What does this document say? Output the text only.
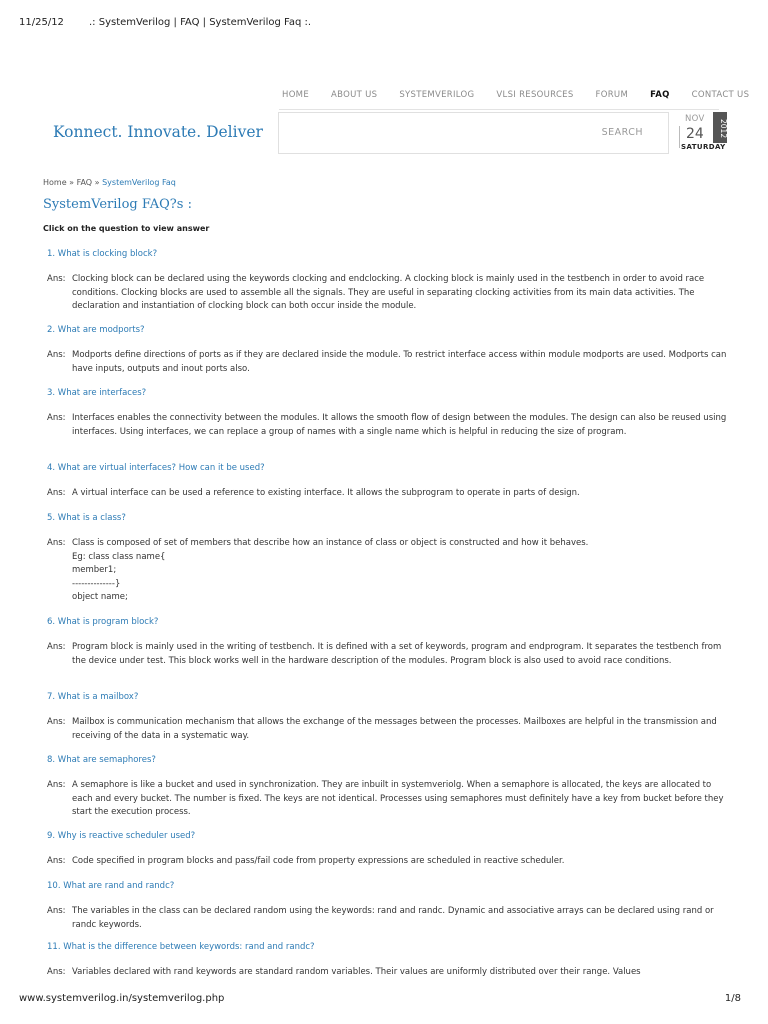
11/25/12	.: SystemVerilog | FAQ | SystemVerilog Faq :.
HOME	ABOUT US	SYSTEMVERILOG	VLSI RESOURCES	FORUM	FAQ	CONTACT US
Konnect. Innovate. Deliver	SEARCH
NOV
24	2012
SATURDAY
Home » FAQ » SystemVerilog Faq
SystemVerilog FAQ?s :
Click on the question to view answer
1. What is clocking block?
Ans: Clocking block can be declared using the keywords clocking and endclocking. A clocking block is mainly used in the testbench in order to avoid race conditions. Clocking blocks are used to assemble all the signals. They are useful in separating clocking activities from its main data activities. The declaration and instantiation of clocking block can both occur inside the module.
2. What are modports?
Ans: Modports define directions of ports as if they are declared inside the module. To restrict interface access within module modports are used. Modports can have inputs, outputs and inout ports also.
3. What are interfaces?
Ans: Interfaces enables the connectivity between the modules. It allows the smooth flow of design between the modules. The design can also be reused using interfaces. Using interfaces, we can replace a group of names with a single name which is helpful in reducing the size of program.
4. What are virtual interfaces? How can it be used?
Ans: A virtual interface can be used a reference to existing interface. It allows the subprogram to operate in parts of design.
5. What is a class?
Ans: Class is composed of set of members that describe how an instance of class or object is constructed and how it behaves.
Eg: class class name{
member1;
--------------}
object name;
6. What is program block?
Ans: Program block is mainly used in the writing of testbench. It is defined with a set of keywords, program and endprogram. It separates the testbench from the device under test. This block works well in the hardware description of the modules. Program block is also used to avoid race conditions.
7. What is a mailbox?
Ans: Mailbox is communication mechanism that allows the exchange of the messages between the processes. Mailboxes are helpful in the transmission and receiving of the data in a systematic way.
8. What are semaphores?
Ans: A semaphore is like a bucket and used in synchronization. They are inbuilt in systemveriolg. When a semaphore is allocated, the keys are allocated to each and every bucket. The number is fixed. The keys are not identical. Processes using semaphores must definitely have a key from bucket before they start the execution process.
9. Why is reactive scheduler used?
Ans: Code specified in program blocks and pass/fail code from property expressions are scheduled in reactive scheduler.
10. What are rand and randc?
Ans: The variables in the class can be declared random using the keywords: rand and randc. Dynamic and associative arrays can be declared using rand or randc keywords.
11. What is the difference between keywords: rand and randc?
Ans: Variables declared with rand keywords are standard random variables. Their values are uniformly distributed over their range. Values
www.systemverilog.in/systemverilog.php	1/8
